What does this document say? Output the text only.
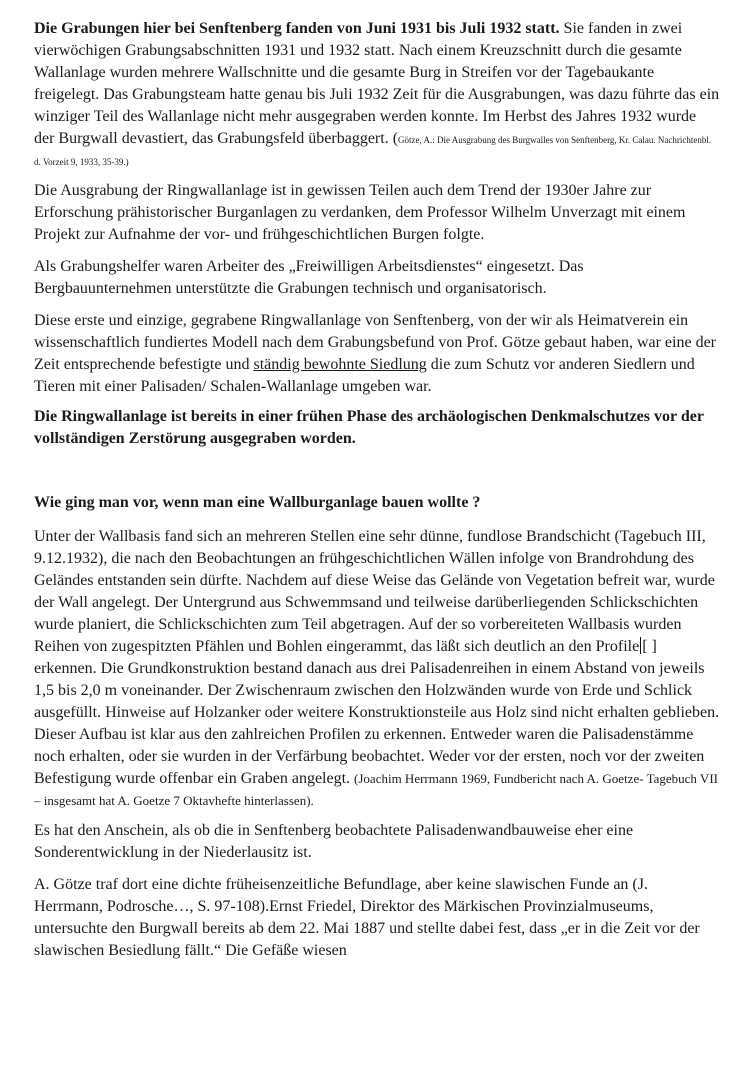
Die Grabungen hier bei Senftenberg fanden von Juni 1931 bis Juli 1932 statt. Sie fanden in zwei vierwöchigen Grabungsabschnitten 1931 und 1932 statt. Nach einem Kreuzschnitt durch die gesamte Wallanlage wurden mehrere Wallschnitte und die gesamte Burg in Streifen vor der Tagebaukante freigelegt. Das Grabungsteam hatte genau bis Juli 1932 Zeit für die Ausgrabungen, was dazu führte das ein winziger Teil des Wallanlage nicht mehr ausgegraben werden konnte. Im Herbst des Jahres 1932 wurde der Burgwall devastiert, das Grabungsfeld überbaggert. (Götze, A.: Die Ausgrabung des Burgwalles von Senftenberg, Kr. Calau. Nachrichtenbl. d. Vorzeit 9, 1933, 35-39.)

Die Ausgrabung der Ringwallanlage ist in gewissen Teilen auch dem Trend der 1930er Jahre zur Erforschung prähistorischer Burganlagen zu verdanken, dem Professor Wilhelm Unverzagt mit einem Projekt zur Aufnahme der vor- und frühgeschichtlichen Burgen folgte.

Als Grabungshelfer waren Arbeiter des „Freiwilligen Arbeitsdienstes“ eingesetzt. Das Bergbauunternehmen unterstützte die Grabungen technisch und organisatorisch.

Diese erste und einzige, gegrabene Ringwallanlage von Senftenberg, von der wir als Heimatverein ein wissenschaftlich fundiertes Modell nach dem Grabungsbefund von Prof. Götze gebaut haben, war eine der Zeit entsprechende befestigte und ständig bewohnte Siedlung die zum Schutz vor anderen Siedlern und Tieren mit einer Palisaden/ Schalen-Wallanlage umgeben war.

Die Ringwallanlage ist bereits in einer frühen Phase des archäologischen Denkmalschutzes vor der vollständigen Zerstörung ausgegraben worden.

Wie ging man vor, wenn man eine Wallburganlage bauen wollte ?

Unter der Wallbasis fand sich an mehreren Stellen eine sehr dünne, fundlose Brandschicht (Tagebuch III, 9.12.1932), die nach den Beobachtungen an frühgeschichtlichen Wällen infolge von Brandrohdung des Geländes entstanden sein dürfte. Nachdem auf diese Weise das Gelände von Vegetation befreit war, wurde der Wall angelegt. Der Untergrund aus Schwemmsand und teilweise darüberliegenden Schlickschichten wurde planiert, die Schlickschichten zum Teil abgetragen. Auf der so vorbereiteten Wallbasis wurden Reihen von zugespitzten Pfählen und Bohlen eingerammt, das läßt sich deutlich an den Profile [ ] erkennen. Die Grundkonstruktion bestand danach aus drei Palisadenreihen in einem Abstand von jeweils 1,5 bis 2,0 m voneinander. Der Zwischenraum zwischen den Holzwänden wurde von Erde und Schlick ausgefüllt. Hinweise auf Holzanker oder weitere Konstruktionsteile aus Holz sind nicht erhalten geblieben. Dieser Aufbau ist klar aus den zahlreichen Profilen zu erkennen. Entweder waren die Palisadenstämme noch erhalten, oder sie wurden in der Verfärbung beobachtet. Weder vor der ersten, noch vor der zweiten Befestigung wurde offenbar ein Graben angelegt. (Joachim Herrmann 1969, Fundbericht nach A. Goetze- Tagebuch VII – insgesamt hat A. Goetze 7 Oktavhefte hinterlassen).

Es hat den Anschein, als ob die in Senftenberg beobachtete Palisadenwandbauweise eher eine Sonderentwicklung in der Niederlausitz ist.

A. Götze traf dort eine dichte früheisenzeitliche Befundlage, aber keine slawischen Funde an (J. Herrmann, Podrosche…, S. 97-108).Ernst Friedel, Direktor des Märkischen Provinzialmuseums, untersuchte den Burgwall bereits ab dem 22. Mai 1887 und stellte dabei fest, dass „er in die Zeit vor der slawischen Besiedlung fällt.“ Die Gefäße wiesen
